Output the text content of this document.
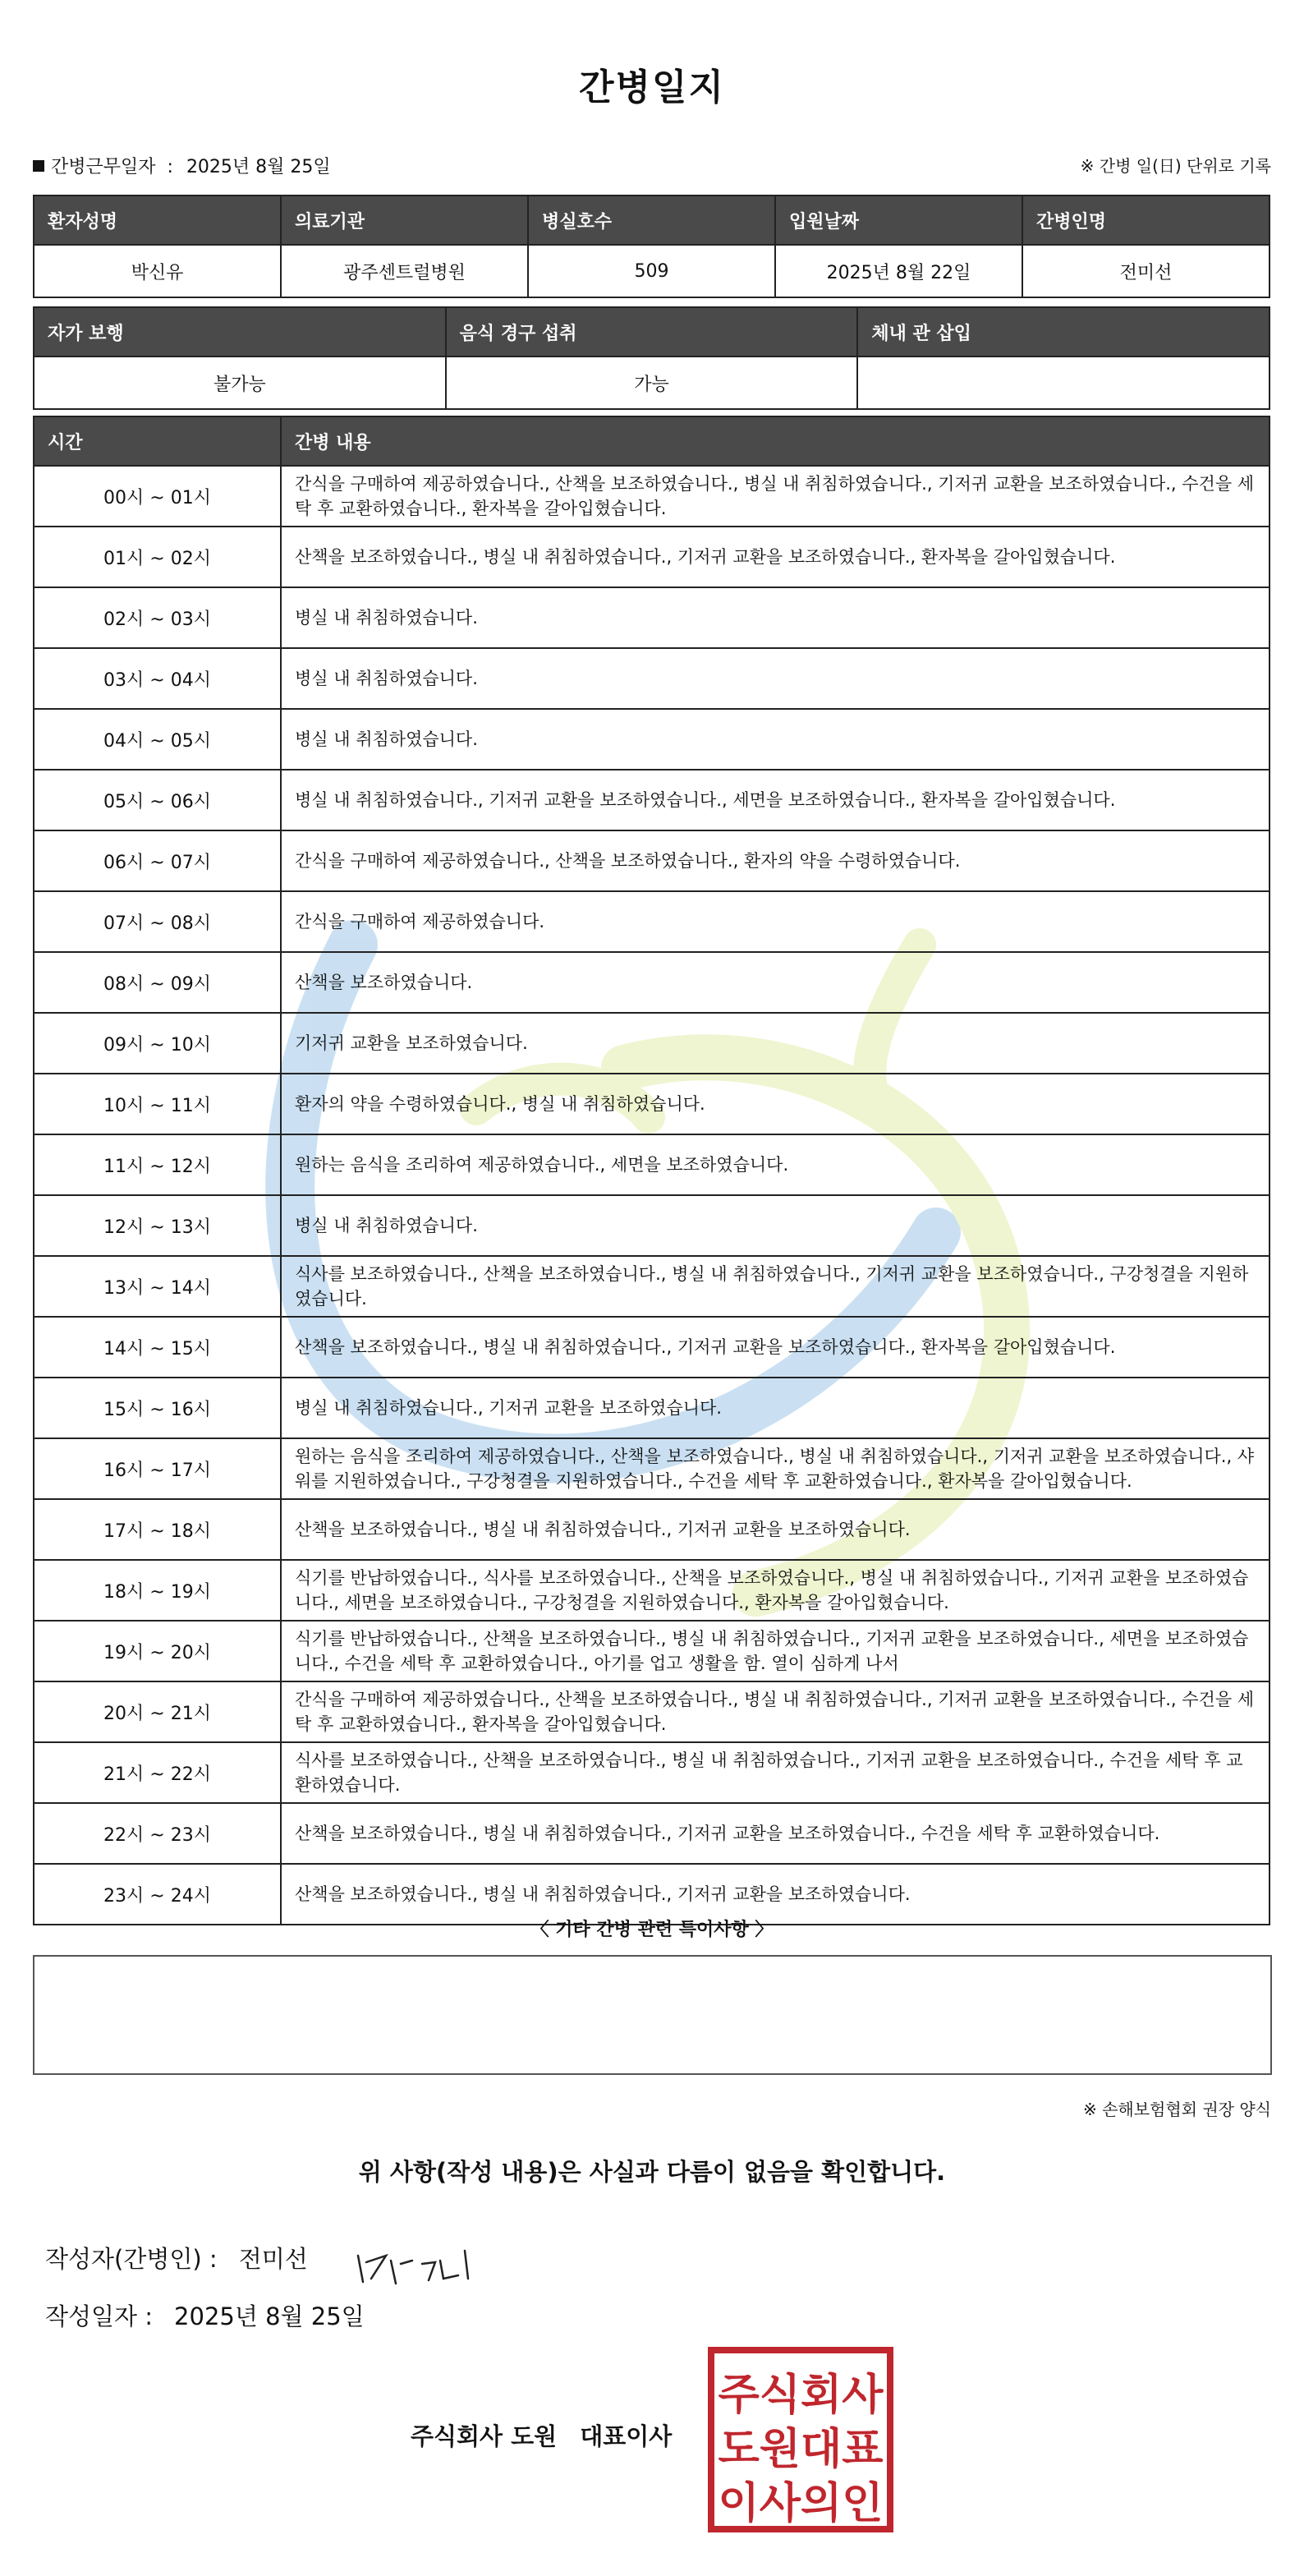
간병일지
간병근무일자 : 2025년 8월 25일	※ 간병 일(日) 단위로 기록
환자성명	의료기관	병실호수	입원날짜	간병인명
박신유	광주센트럴병원	509	2025년 8월 22일	전미선
자가 보행	음식 경구 섭취	체내 관 삽입
불가능	가능	
시간	간병 내용
00시 ~ 01시	간식을 구매하여 제공하였습니다., 산책을 보조하였습니다., 병실 내 취침하였습니다., 기저귀 교환을 보조하였습니다., 수건을 세탁 후 교환하였습니다., 환자복을 갈아입혔습니다.
01시 ~ 02시	산책을 보조하였습니다., 병실 내 취침하였습니다., 기저귀 교환을 보조하였습니다., 환자복을 갈아입혔습니다.
02시 ~ 03시	병실 내 취침하였습니다.
03시 ~ 04시	병실 내 취침하였습니다.
04시 ~ 05시	병실 내 취침하였습니다.
05시 ~ 06시	병실 내 취침하였습니다., 기저귀 교환을 보조하였습니다., 세면을 보조하였습니다., 환자복을 갈아입혔습니다.
06시 ~ 07시	간식을 구매하여 제공하였습니다., 산책을 보조하였습니다., 환자의 약을 수령하였습니다.
07시 ~ 08시	간식을 구매하여 제공하였습니다.
08시 ~ 09시	산책을 보조하였습니다.
09시 ~ 10시	기저귀 교환을 보조하였습니다.
10시 ~ 11시	환자의 약을 수령하였습니다., 병실 내 취침하였습니다.
11시 ~ 12시	원하는 음식을 조리하여 제공하였습니다., 세면을 보조하였습니다.
12시 ~ 13시	병실 내 취침하였습니다.
13시 ~ 14시	식사를 보조하였습니다., 산책을 보조하였습니다., 병실 내 취침하였습니다., 기저귀 교환을 보조하였습니다., 구강청결을 지원하였습니다.
14시 ~ 15시	산책을 보조하였습니다., 병실 내 취침하였습니다., 기저귀 교환을 보조하였습니다., 환자복을 갈아입혔습니다.
15시 ~ 16시	병실 내 취침하였습니다., 기저귀 교환을 보조하였습니다.
16시 ~ 17시	원하는 음식을 조리하여 제공하였습니다., 산책을 보조하였습니다., 병실 내 취침하였습니다., 기저귀 교환을 보조하였습니다., 샤워를 지원하였습니다., 구강청결을 지원하였습니다., 수건을 세탁 후 교환하였습니다., 환자복을 갈아입혔습니다.
17시 ~ 18시	산책을 보조하였습니다., 병실 내 취침하였습니다., 기저귀 교환을 보조하였습니다.
18시 ~ 19시	식기를 반납하였습니다., 식사를 보조하였습니다., 산책을 보조하였습니다., 병실 내 취침하였습니다., 기저귀 교환을 보조하였습니다., 세면을 보조하였습니다., 구강청결을 지원하였습니다., 환자복을 갈아입혔습니다.
19시 ~ 20시	식기를 반납하였습니다., 산책을 보조하였습니다., 병실 내 취침하였습니다., 기저귀 교환을 보조하였습니다., 세면을 보조하였습니다., 수건을 세탁 후 교환하였습니다., 아기를 업고 생활을 함. 열이 심하게 나서
20시 ~ 21시	간식을 구매하여 제공하였습니다., 산책을 보조하였습니다., 병실 내 취침하였습니다., 기저귀 교환을 보조하였습니다., 수건을 세탁 후 교환하였습니다., 환자복을 갈아입혔습니다.
21시 ~ 22시	식사를 보조하였습니다., 산책을 보조하였습니다., 병실 내 취침하였습니다., 기저귀 교환을 보조하였습니다., 수건을 세탁 후 교환하였습니다.
22시 ~ 23시	산책을 보조하였습니다., 병실 내 취침하였습니다., 기저귀 교환을 보조하였습니다., 수건을 세탁 후 교환하였습니다.
23시 ~ 24시	산책을 보조하였습니다., 병실 내 취침하였습니다., 기저귀 교환을 보조하였습니다.
〈 기타 간병 관련 특이사항 〉
※ 손해보험협회 권장 양식
위 사항(작성 내용)은 사실과 다름이 없음을 확인합니다.
작성자(간병인) : 전미선
작성일자 : 2025년 8월 25일
주식회사 도원 대표이사
주식회사
도원대표
이사의인
